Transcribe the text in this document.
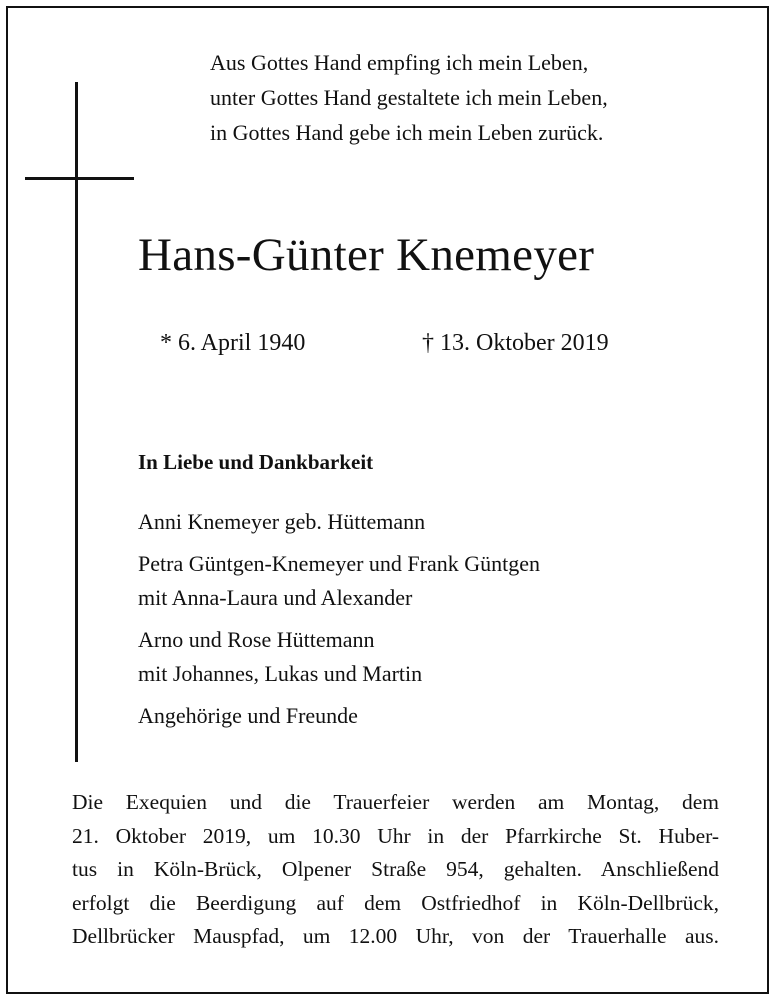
Aus Gottes Hand empfing ich mein Leben,
unter Gottes Hand gestaltete ich mein Leben,
in Gottes Hand gebe ich mein Leben zurück.
Hans-Günter Knemeyer
* 6. April 1940	† 13. Oktober 2019
In Liebe und Dankbarkeit
Anni Knemeyer geb. Hüttemann
Petra Güntgen-Knemeyer und Frank Güntgen
mit Anna-Laura und Alexander
Arno und Rose Hüttemann
mit Johannes, Lukas und Martin
Angehörige und Freunde
Die Exequien und die Trauerfeier werden am Montag, dem
21. Oktober 2019, um 10.30 Uhr in der Pfarrkirche St. Huber-
tus in Köln-Brück, Olpener Straße 954, gehalten. Anschließend
erfolgt die Beerdigung auf dem Ostfriedhof in Köln-Dellbrück,
Dellbrücker Mauspfad, um 12.00 Uhr, von der Trauerhalle aus.
